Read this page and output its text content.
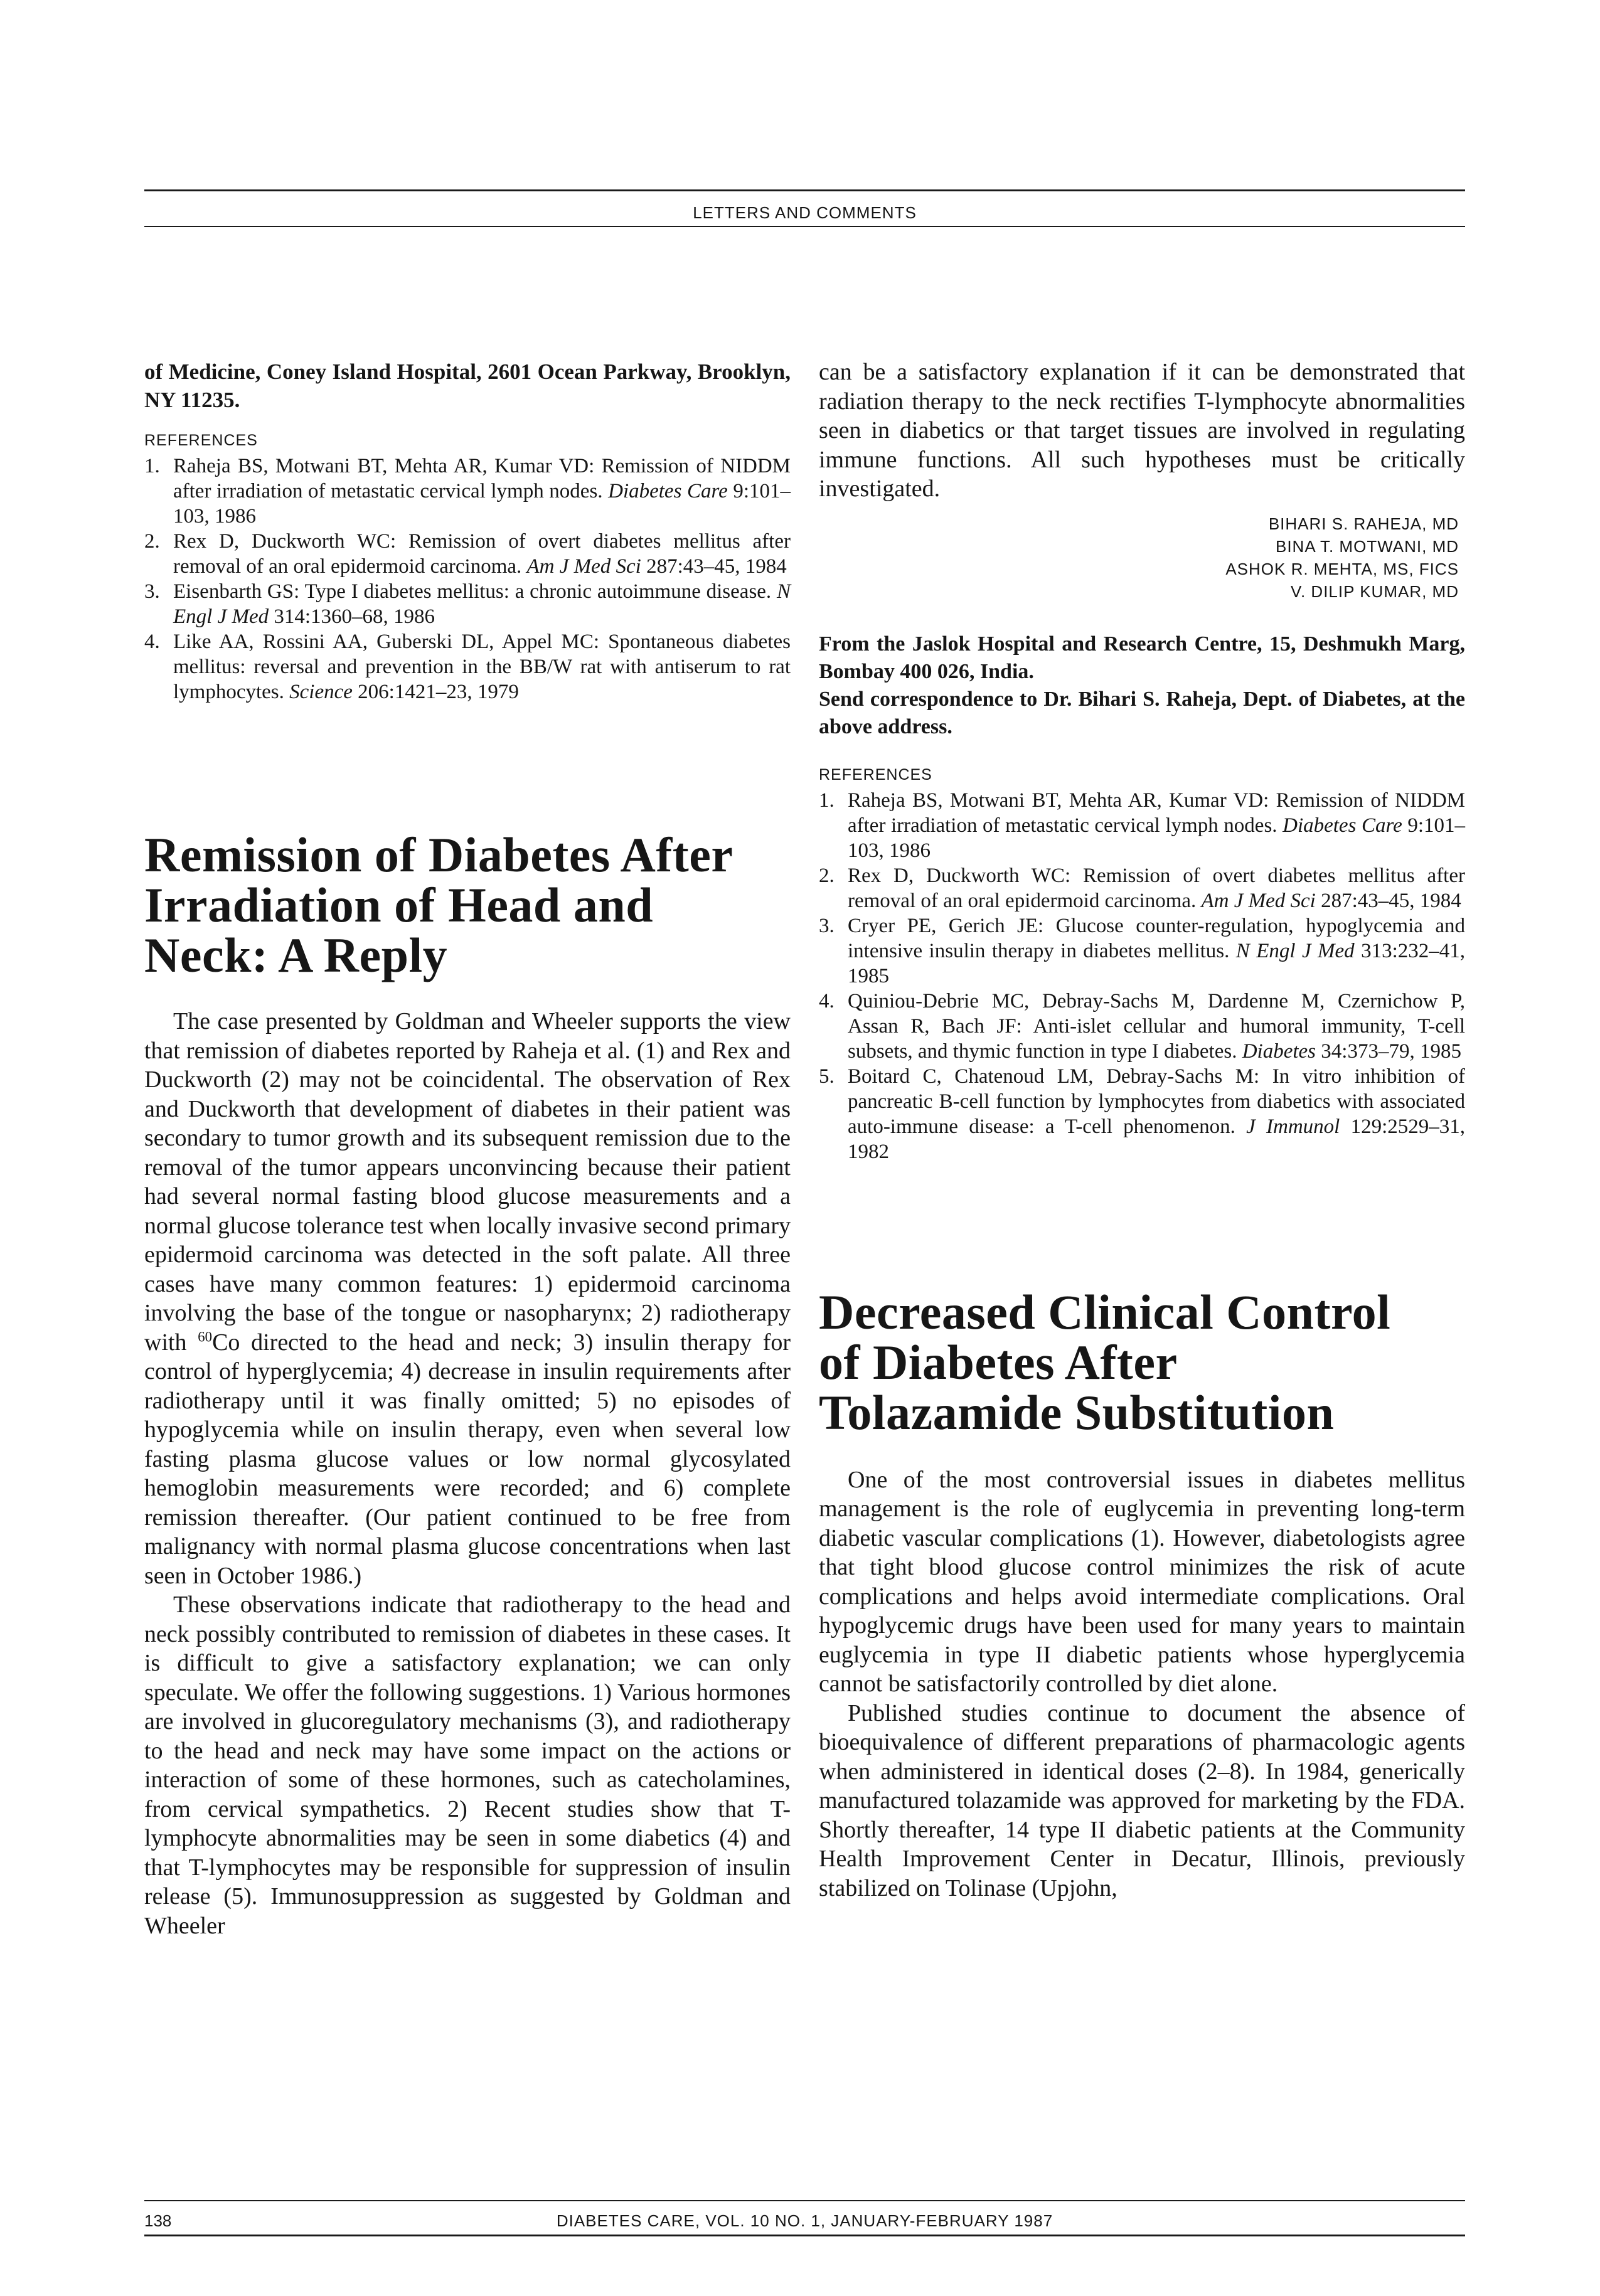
LETTERS AND COMMENTS

of Medicine, Coney Island Hospital, 2601 Ocean Parkway, Brooklyn, NY 11235.

REFERENCES
1. Raheja BS, Motwani BT, Mehta AR, Kumar VD: Remission of NIDDM after irradiation of metastatic cervical lymph nodes. Diabetes Care 9:101–103, 1986
2. Rex D, Duckworth WC: Remission of overt diabetes mellitus after removal of an oral epidermoid carcinoma. Am J Med Sci 287:43–45, 1984
3. Eisenbarth GS: Type I diabetes mellitus: a chronic autoimmune disease. N Engl J Med 314:1360–68, 1986
4. Like AA, Rossini AA, Guberski DL, Appel MC: Spontaneous diabetes mellitus: reversal and prevention in the BB/W rat with antiserum to rat lymphocytes. Science 206:1421–23, 1979
Remission of Diabetes After Irradiation of Head and Neck: A Reply

The case presented by Goldman and Wheeler supports the view that remission of diabetes reported by Raheja et al. (1) and Rex and Duckworth (2) may not be coincidental. The observation of Rex and Duckworth that development of diabetes in their patient was secondary to tumor growth and its subsequent remission due to the removal of the tumor appears unconvincing because their patient had several normal fasting blood glucose measurements and a normal glucose tolerance test when locally invasive second primary epidermoid carcinoma was detected in the soft palate. All three cases have many common features: 1) epidermoid carcinoma involving the base of the tongue or nasopharynx; 2) radiotherapy with $^{60}$Co directed to the head and neck; 3) insulin therapy for control of hyperglycemia; 4) decrease in insulin requirements after radiotherapy until it was finally omitted; 5) no episodes of hypoglycemia while on insulin therapy, even when several low fasting plasma glucose values or low normal glycosylated hemoglobin measurements were recorded; and 6) complete remission thereafter. (Our patient continued to be free from malignancy with normal plasma glucose concentrations when last seen in October 1986.)

These observations indicate that radiotherapy to the head and neck possibly contributed to remission of diabetes in these cases. It is difficult to give a satisfactory explanation; we can only speculate. We offer the following suggestions. 1) Various hormones are involved in glucoregulatory mechanisms (3), and radiotherapy to the head and neck may have some impact on the actions or interaction of some of these hormones, such as catecholamines, from cervical sympathetics. 2) Recent studies show that T-lymphocyte abnormalities may be seen in some diabetics (4) and that T-lymphocytes may be responsible for suppression of insulin release (5). Immunosuppression as suggested by Goldman and Wheeler

can be a satisfactory explanation if it can be demonstrated that radiation therapy to the neck rectifies T-lymphocyte abnormalities seen in diabetics or that target tissues are involved in regulating immune functions. All such hypotheses must be critically investigated.

BIHARI S. RAHEJA, MD
BINA T. MOTWANI, MD
ASHOK R. MEHTA, MS, FICS
V. DILIP KUMAR, MD

From the Jaslok Hospital and Research Centre, 15, Deshmukh Marg, Bombay 400 026, India.

Send correspondence to Dr. Bihari S. Raheja, Dept. of Diabetes, at the above address.

REFERENCES
1. Raheja BS, Motwani BT, Mehta AR, Kumar VD: Remission of NIDDM after irradiation of metastatic cervical lymph nodes. Diabetes Care 9:101–103, 1986
2. Rex D, Duckworth WC: Remission of overt diabetes mellitus after removal of an oral epidermoid carcinoma. Am J Med Sci 287:43–45, 1984
3. Cryer PE, Gerich JE: Glucose counter-regulation, hypoglycemia and intensive insulin therapy in diabetes mellitus. N Engl J Med 313:232–41, 1985
4. Quiniou-Debrie MC, Debray-Sachs M, Dardenne M, Czernichow P, Assan R, Bach JF: Anti-islet cellular and humoral immunity, T-cell subsets, and thymic function in type I diabetes. Diabetes 34:373–79, 1985
5. Boitard C, Chatenoud LM, Debray-Sachs M: In vitro inhibition of pancreatic B-cell function by lymphocytes from diabetics with associated auto-immune disease: a T-cell phenomenon. J Immunol 129:2529–31, 1982
Decreased Clinical Control of Diabetes After Tolazamide Substitution

One of the most controversial issues in diabetes mellitus management is the role of euglycemia in preventing long-term diabetic vascular complications (1). However, diabetologists agree that tight blood glucose control minimizes the risk of acute complications and helps avoid intermediate complications. Oral hypoglycemic drugs have been used for many years to maintain euglycemia in type II diabetic patients whose hyperglycemia cannot be satisfactorily controlled by diet alone.

Published studies continue to document the absence of bioequivalence of different preparations of pharmacologic agents when administered in identical doses (2–8). In 1984, generically manufactured tolazamide was approved for marketing by the FDA. Shortly thereafter, 14 type II diabetic patients at the Community Health Improvement Center in Decatur, Illinois, previously stabilized on Tolinase (Upjohn,

138	DIABETES CARE, VOL. 10 NO. 1, JANUARY-FEBRUARY 1987
